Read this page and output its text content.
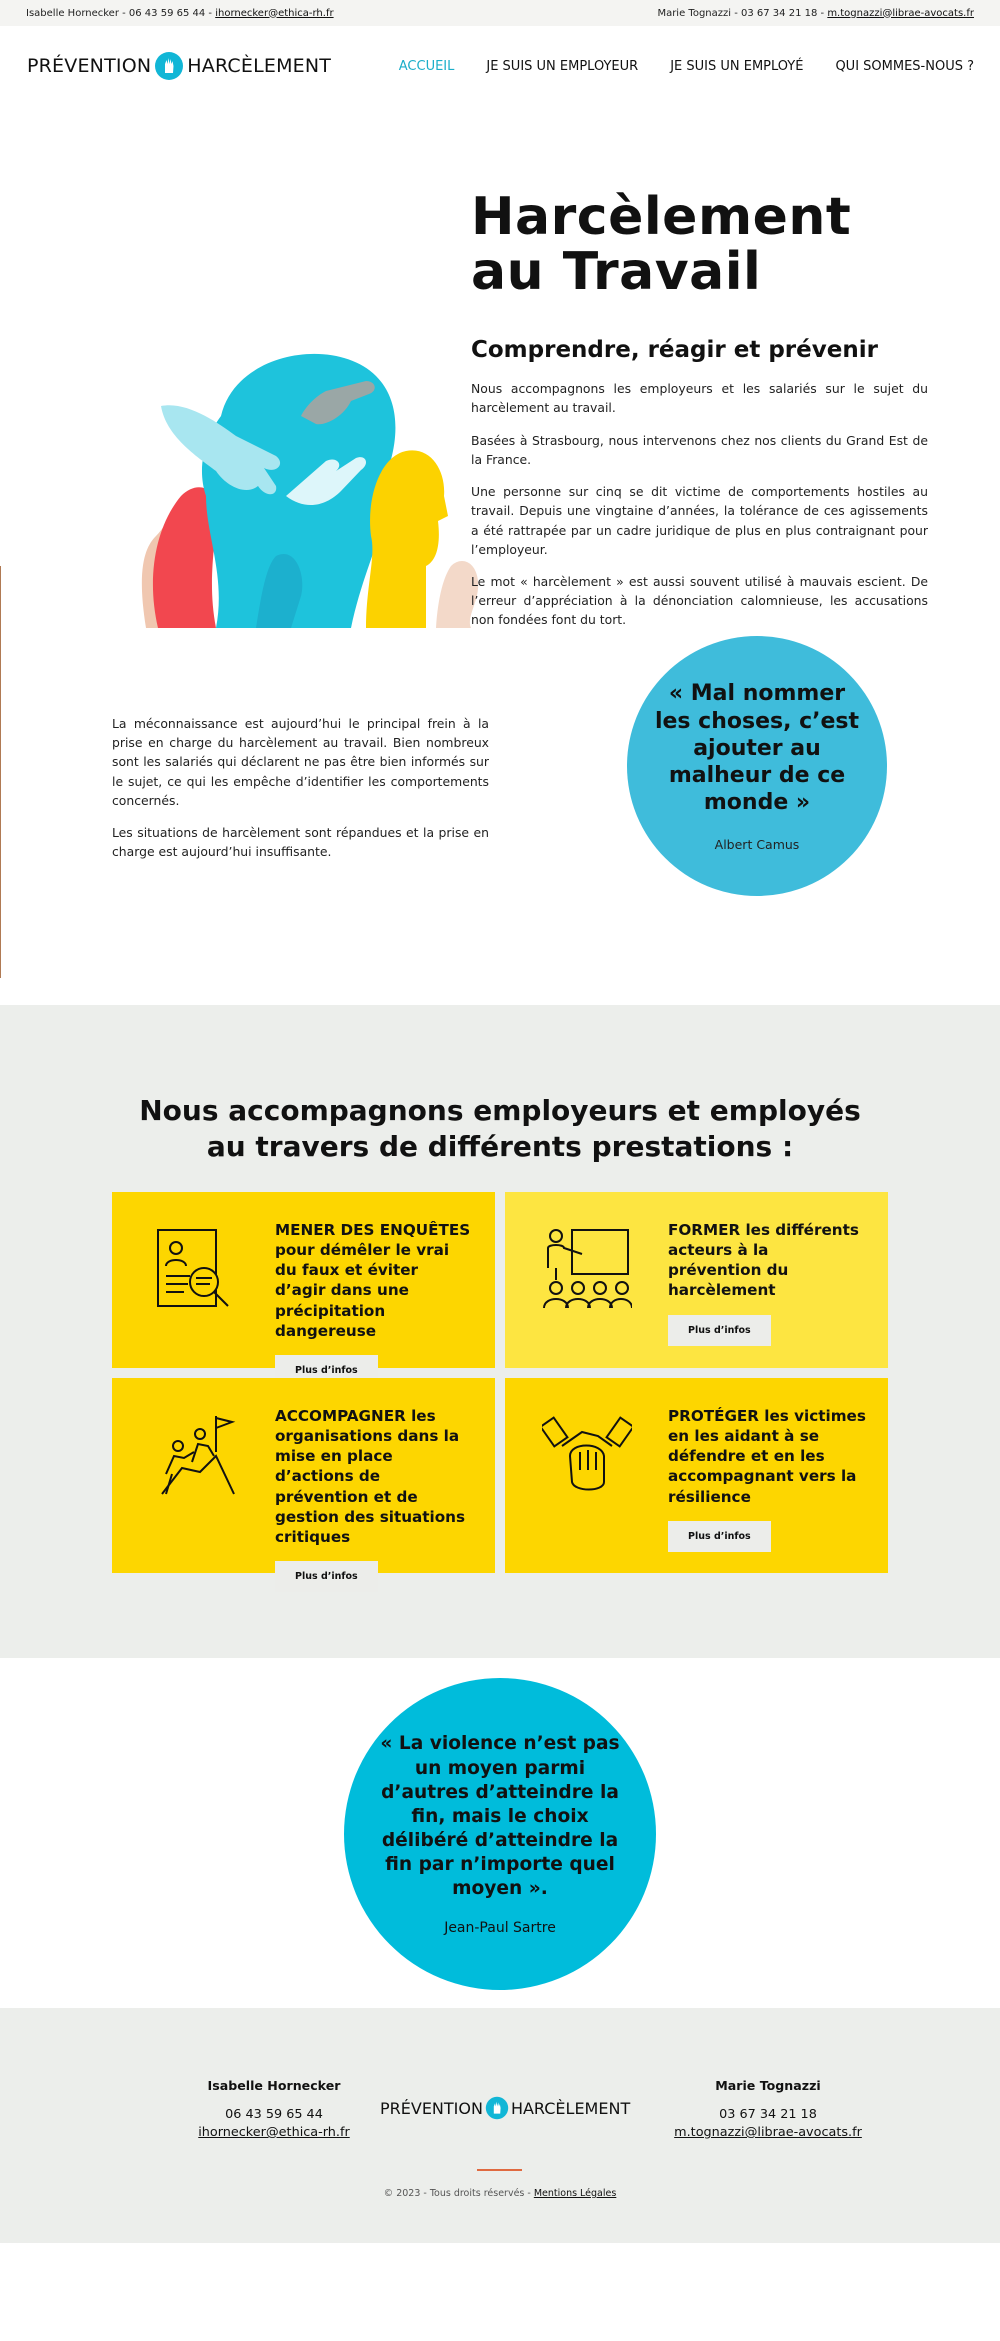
Isabelle Hornecker - 06 43 59 65 44 - ihornecker@ethica-rh.fr	Marie Tognazzi - 03 67 34 21 18 - m.tognazzi@librae-avocats.fr
PRÉVENTION HARCÈLEMENT	ACCUEIL JE SUIS UN EMPLOYEUR JE SUIS UN EMPLOYÉ QUI SOMMES-NOUS ?
Harcèlement
au Travail
Comprendre, réagir et prévenir

Nous accompagnons les employeurs et les salariés sur le sujet du harcèlement au travail.

Basées à Strasbourg, nous intervenons chez nos clients du Grand Est de la France.

Une personne sur cinq se dit victime de comportements hostiles au travail. Depuis une vingtaine d’années, la tolérance de ces agissements a été rattrapée par un cadre juridique de plus en plus contraignant pour l’employeur.

Le mot « harcèlement » est aussi souvent utilisé à mauvais escient. De l’erreur d’appréciation à la dénonciation calomnieuse, les accusations non fondées font du tort.

La méconnaissance est aujourd’hui le principal frein à la prise en charge du harcèlement au travail. Bien nombreux sont les salariés qui déclarent ne pas être bien informés sur le sujet, ce qui les empêche d’identifier les comportements concernés.

Les situations de harcèlement sont répandues et la prise en charge est aujourd’hui insuffisante.

« Mal nommer les choses, c’est ajouter au malheur de ce monde »
Albert Camus
Nous accompagnons employeurs et employés
au travers de différents prestations :
MENER DES ENQUÊTES pour démêler le vrai du faux et éviter d’agir dans une précipitation dangereuse
Plus d’infos
FORMER les différents acteurs à la prévention du harcèlement
Plus d’infos
ACCOMPAGNER les organisations dans la mise en place d’actions de prévention et de gestion des situations critiques
Plus d’infos
PROTÉGER les victimes en les aidant à se défendre et en les accompagnant vers la résilience
Plus d’infos
« La violence n’est pas un moyen parmi d’autres d’atteindre la fin, mais le choix délibéré d’atteindre la fin par n’importe quel moyen ».
Jean-Paul Sartre
Isabelle Hornecker
06 43 59 65 44
ihornecker@ethica-rh.fr
PRÉVENTION HARCÈLEMENT
Marie Tognazzi
03 67 34 21 18
m.tognazzi@librae-avocats.fr
© 2023 - Tous droits réservés - Mentions Légales
